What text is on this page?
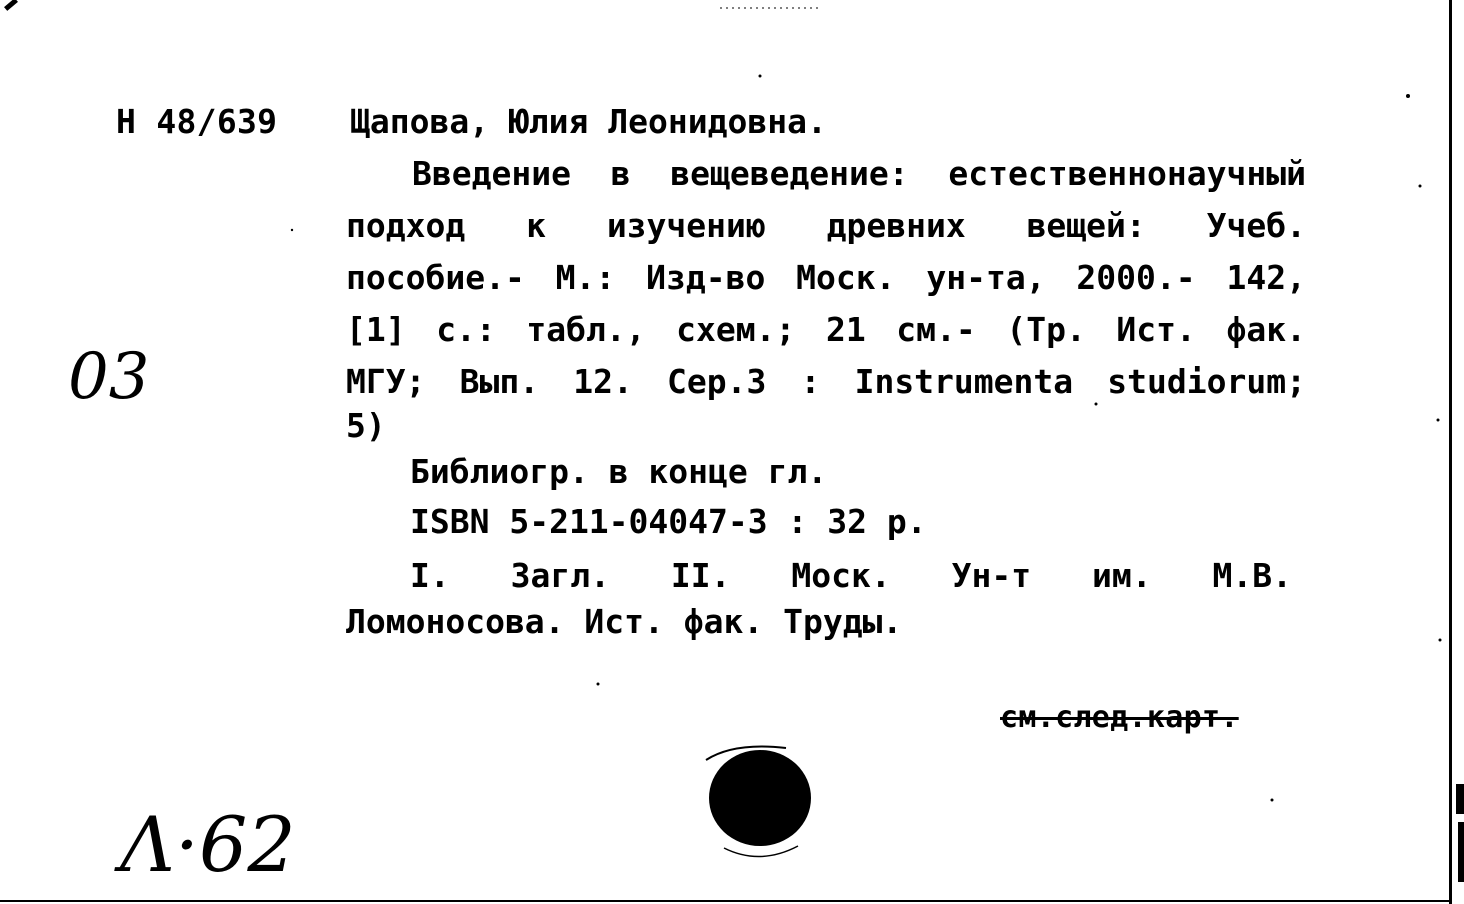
Н 48/639 Щапова, Юлия Леонидовна.
Введение в вещеведение: естественнонаучный
подход к изучению древних вещей: Учеб.
пособие.- М.: Изд-во Моск. ун-та, 2000.- 142,
[1] с.: табл., схем.; 21 см.- (Тр. Ист. фак.
МГУ; Вып. 12. Сер.3 : Instrumenta studiorum;
5)
Библиогр. в конце гл.
ISBN 5-211-04047-3 : 32 р.
I. Загл. II. Моск. Ун-т им. М.В.
Ломоносова. Ист. фак. Труды.
см.след.карт.
03
Λ·62
